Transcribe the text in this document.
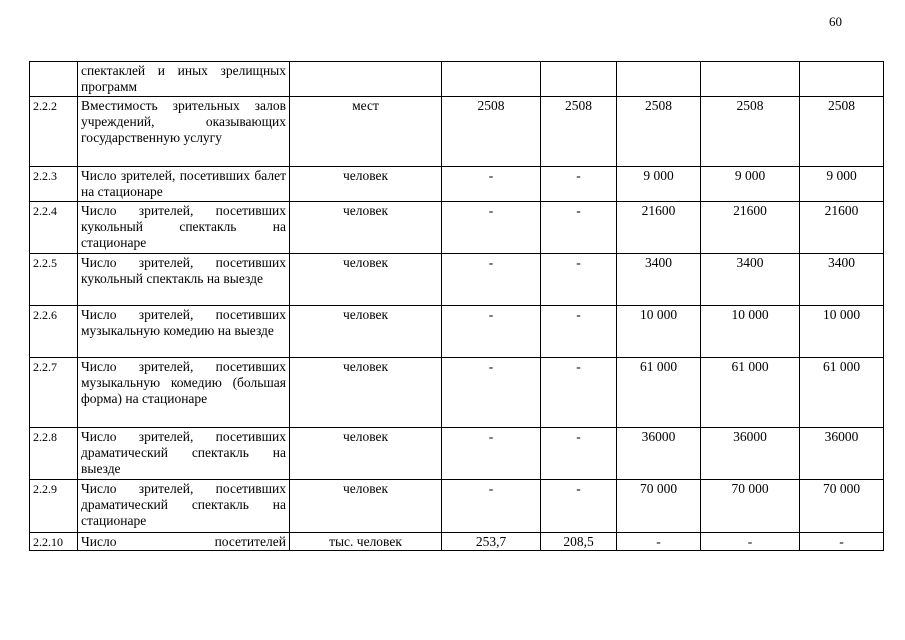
60
	спектаклей и иных зрелищных программ						
2.2.2	Вместимость зрительных залов учреждений, оказывающих государственную услугу	мест	2508	2508	2508	2508	2508
2.2.3	Число зрителей, посетивших балет на стационаре	человек	-	-	9 000	9 000	9 000
2.2.4	Число зрителей, посетивших кукольный спектакль на стационаре	человек	-	-	21600	21600	21600
2.2.5	Число зрителей, посетивших кукольный спектакль на выезде	человек	-	-	3400	3400	3400
2.2.6	Число зрителей, посетивших музыкальную комедию на выезде	человек	-	-	10 000	10 000	10 000
2.2.7	Число зрителей, посетивших музыкальную комедию (большая форма) на стационаре	человек	-	-	61 000	61 000	61 000
2.2.8	Число зрителей, посетивших драматический спектакль на выезде	человек	-	-	36000	36000	36000
2.2.9	Число зрителей, посетивших драматический спектакль на стационаре	человек	-	-	70 000	70 000	70 000
2.2.10	Число посетителей	тыс. человек	253,7	208,5	-	-	-
